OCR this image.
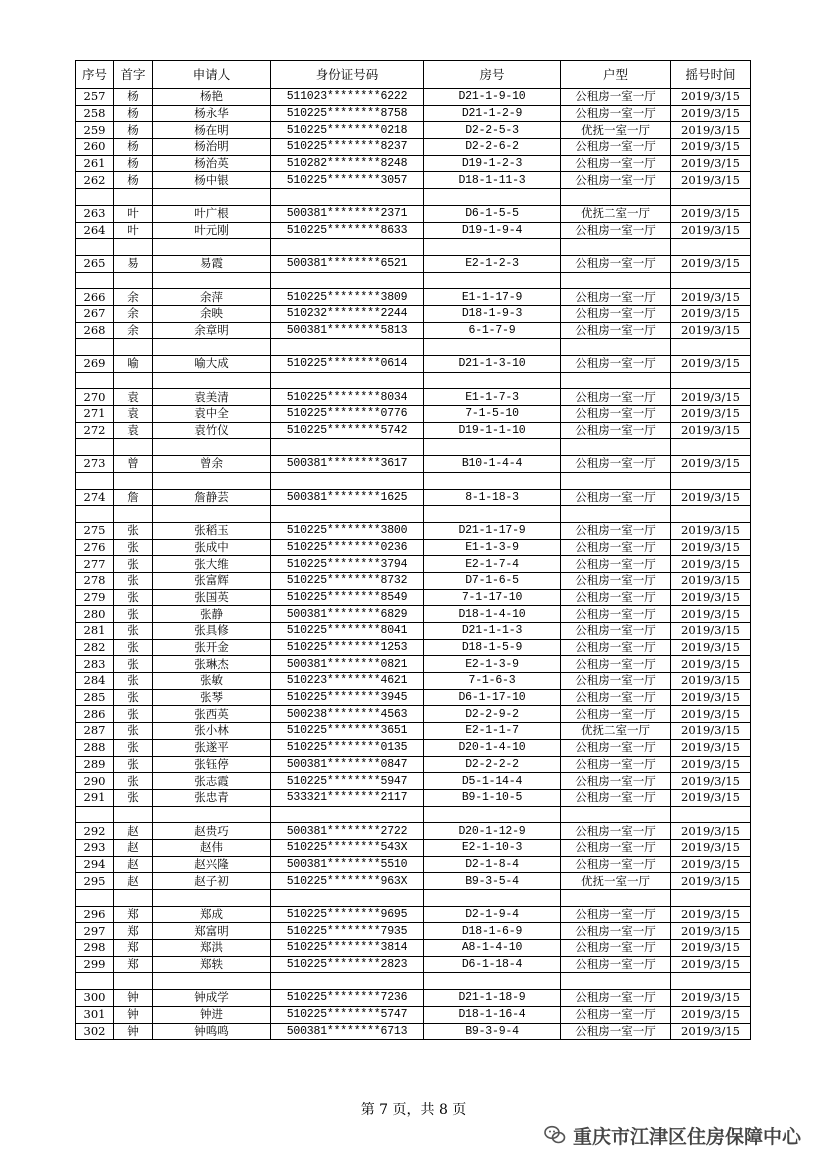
序号	首字	申请人	身份证号码	房号	户型	摇号时间
257	杨	杨艳	511023********6222	D21-1-9-10	公租房一室一厅	2019/3/15
258	杨	杨永华	510225********8758	D21-1-2-9	公租房一室一厅	2019/3/15
259	杨	杨在明	510225********0218	D2-2-5-3	优抚一室一厅	2019/3/15
260	杨	杨治明	510225********8237	D2-2-6-2	公租房一室一厅	2019/3/15
261	杨	杨治英	510282********8248	D19-1-2-3	公租房一室一厅	2019/3/15
262	杨	杨中银	510225********3057	D18-1-11-3	公租房一室一厅	2019/3/15

263	叶	叶广根	500381********2371	D6-1-5-5	优抚二室一厅	2019/3/15
264	叶	叶元刚	510225********8633	D19-1-9-4	公租房一室一厅	2019/3/15

265	易	易霞	500381********6521	E2-1-2-3	公租房一室一厅	2019/3/15

266	余	余萍	510225********3809	E1-1-17-9	公租房一室一厅	2019/3/15
267	余	余映	510232********2244	D18-1-9-3	公租房一室一厅	2019/3/15
268	余	余章明	500381********5813	6-1-7-9	公租房一室一厅	2019/3/15

269	喻	喻大成	510225********0614	D21-1-3-10	公租房一室一厅	2019/3/15

270	袁	袁美清	510225********8034	E1-1-7-3	公租房一室一厅	2019/3/15
271	袁	袁中全	510225********0776	7-1-5-10	公租房一室一厅	2019/3/15
272	袁	袁竹仪	510225********5742	D19-1-1-10	公租房一室一厅	2019/3/15

273	曾	曾余	500381********3617	B10-1-4-4	公租房一室一厅	2019/3/15

274	詹	詹静芸	500381********1625	8-1-18-3	公租房一室一厅	2019/3/15

275	张	张稻玉	510225********3800	D21-1-17-9	公租房一室一厅	2019/3/15
276	张	张成中	510225********0236	E1-1-3-9	公租房一室一厅	2019/3/15
277	张	张大维	510225********3794	E2-1-7-4	公租房一室一厅	2019/3/15
278	张	张富辉	510225********8732	D7-1-6-5	公租房一室一厅	2019/3/15
279	张	张国英	510225********8549	7-1-17-10	公租房一室一厅	2019/3/15
280	张	张静	500381********6829	D18-1-4-10	公租房一室一厅	2019/3/15
281	张	张具修	510225********8041	D21-1-1-3	公租房一室一厅	2019/3/15
282	张	张开金	510225********1253	D18-1-5-9	公租房一室一厅	2019/3/15
283	张	张琳杰	500381********0821	E2-1-3-9	公租房一室一厅	2019/3/15
284	张	张敏	510223********4621	7-1-6-3	公租房一室一厅	2019/3/15
285	张	张琴	510225********3945	D6-1-17-10	公租房一室一厅	2019/3/15
286	张	张西英	500238********4563	D2-2-9-2	公租房一室一厅	2019/3/15
287	张	张小林	510225********3651	E2-1-1-7	优抚二室一厅	2019/3/15
288	张	张遂平	510225********0135	D20-1-4-10	公租房一室一厅	2019/3/15
289	张	张钰停	500381********0847	D2-2-2-2	公租房一室一厅	2019/3/15
290	张	张志霞	510225********5947	D5-1-14-4	公租房一室一厅	2019/3/15
291	张	张忠青	533321********2117	B9-1-10-5	公租房一室一厅	2019/3/15

292	赵	赵贵巧	500381********2722	D20-1-12-9	公租房一室一厅	2019/3/15
293	赵	赵伟	510225********543X	E2-1-10-3	公租房一室一厅	2019/3/15
294	赵	赵兴隆	500381********5510	D2-1-8-4	公租房一室一厅	2019/3/15
295	赵	赵子初	510225********963X	B9-3-5-4	优抚一室一厅	2019/3/15

296	郑	郑成	510225********9695	D2-1-9-4	公租房一室一厅	2019/3/15
297	郑	郑富明	510225********7935	D18-1-6-9	公租房一室一厅	2019/3/15
298	郑	郑洪	510225********3814	A8-1-4-10	公租房一室一厅	2019/3/15
299	郑	郑轶	510225********2823	D6-1-18-4	公租房一室一厅	2019/3/15

300	钟	钟成学	510225********7236	D21-1-18-9	公租房一室一厅	2019/3/15
301	钟	钟进	510225********5747	D18-1-16-4	公租房一室一厅	2019/3/15
302	钟	钟鸣鸣	500381********6713	B9-3-9-4	公租房一室一厅	2019/3/15
第 7 页，共 8 页
重庆市江津区住房保障中心
